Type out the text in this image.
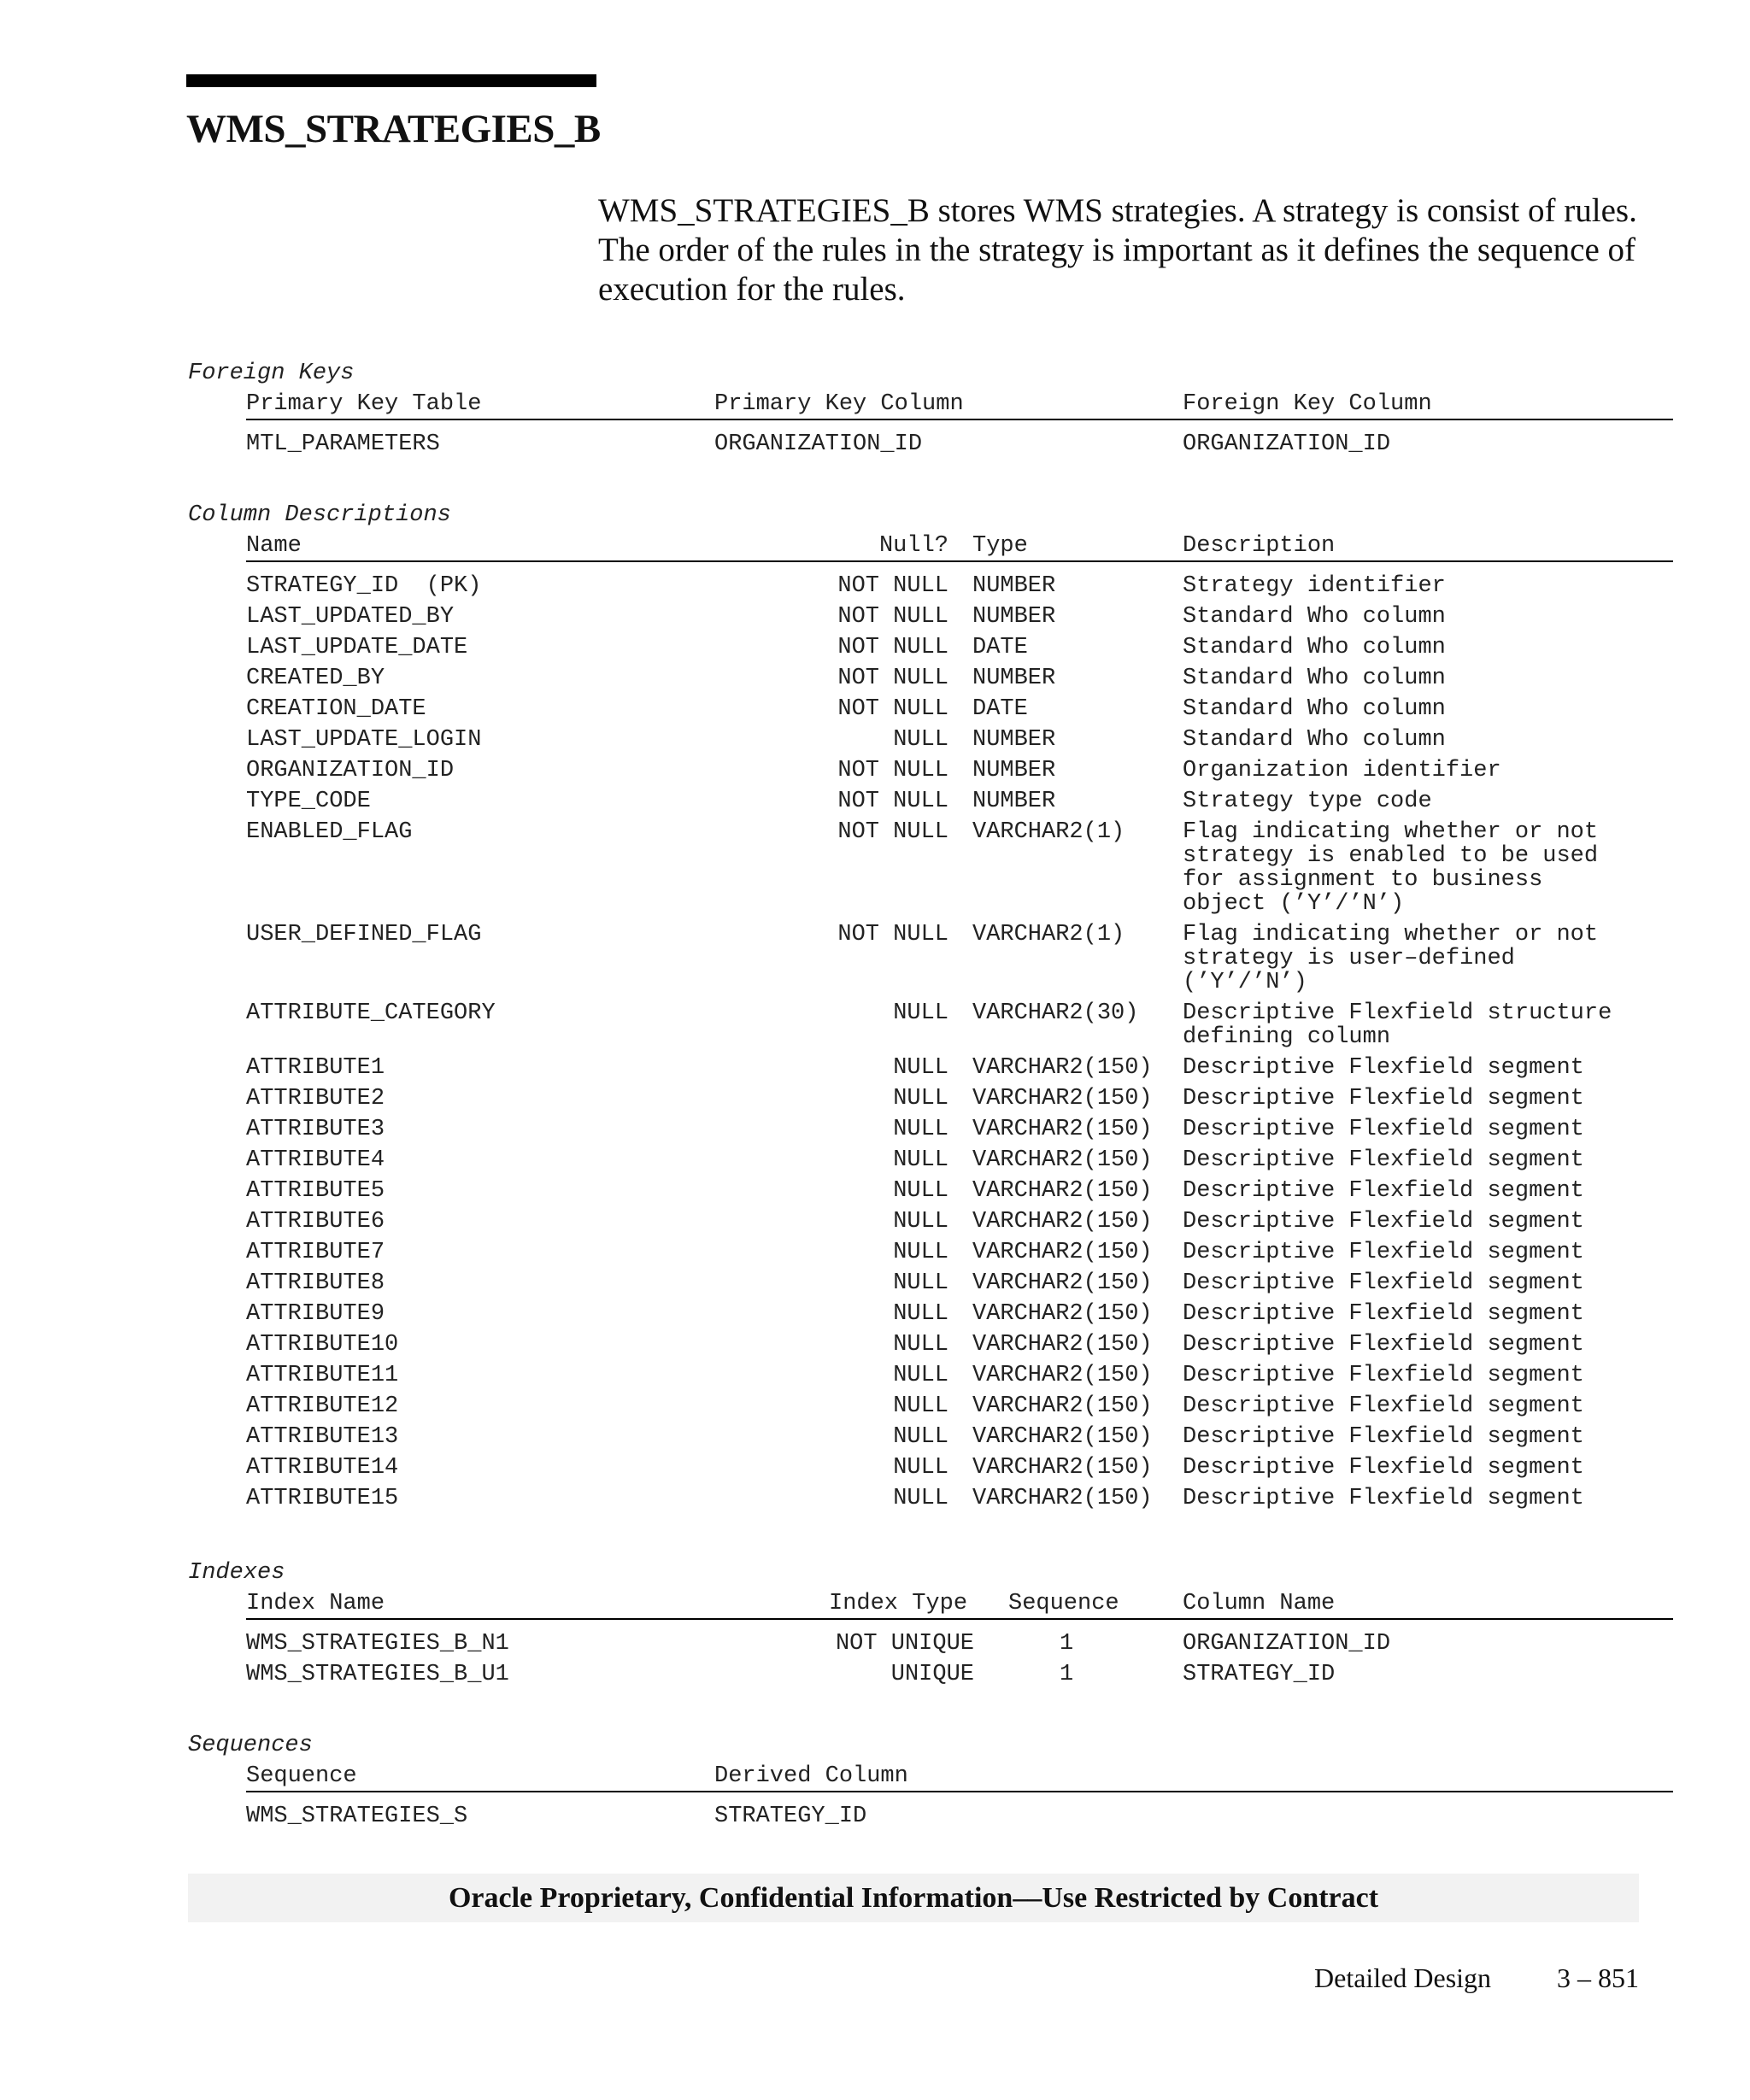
WMS_STRATEGIES_B

WMS_STRATEGIES_B stores WMS strategies. A strategy is consist of rules. The order of the rules in the strategy is important as it defines the sequence of execution for the rules.

Foreign Keys
Primary Key Table	Primary Key Column	Foreign Key Column
MTL_PARAMETERS	ORGANIZATION_ID	ORGANIZATION_ID
Column Descriptions
Name	Null? Type	Description
STRATEGY_ID  (PK)	NOT NULL NUMBER	Strategy identifier
LAST_UPDATED_BY	NOT NULL NUMBER	Standard Who column
LAST_UPDATE_DATE	NOT NULL DATE	Standard Who column
CREATED_BY	NOT NULL NUMBER	Standard Who column
CREATION_DATE	NOT NULL DATE	Standard Who column
LAST_UPDATE_LOGIN	NULL NUMBER	Standard Who column
ORGANIZATION_ID	NOT NULL NUMBER	Organization identifier
TYPE_CODE	NOT NULL NUMBER	Strategy type code
ENABLED_FLAG	NOT NULL VARCHAR2(1)	Flag indicating whether or not
strategy is enabled to be used
for assignment to business
object (’Y’/’N’)
USER_DEFINED_FLAG	NOT NULL VARCHAR2(1)	Flag indicating whether or not
strategy is user–defined
(’Y’/’N’)
ATTRIBUTE_CATEGORY	NULL VARCHAR2(30) Descriptive Flexfield structure
defining column
ATTRIBUTE1	NULL VARCHAR2(150) Descriptive Flexfield segment
ATTRIBUTE2	NULL VARCHAR2(150) Descriptive Flexfield segment
ATTRIBUTE3	NULL VARCHAR2(150) Descriptive Flexfield segment
ATTRIBUTE4	NULL VARCHAR2(150) Descriptive Flexfield segment
ATTRIBUTE5	NULL VARCHAR2(150) Descriptive Flexfield segment
ATTRIBUTE6	NULL VARCHAR2(150) Descriptive Flexfield segment
ATTRIBUTE7	NULL VARCHAR2(150) Descriptive Flexfield segment
ATTRIBUTE8	NULL VARCHAR2(150) Descriptive Flexfield segment
ATTRIBUTE9	NULL VARCHAR2(150) Descriptive Flexfield segment
ATTRIBUTE10	NULL VARCHAR2(150) Descriptive Flexfield segment
ATTRIBUTE11	NULL VARCHAR2(150) Descriptive Flexfield segment
ATTRIBUTE12	NULL VARCHAR2(150) Descriptive Flexfield segment
ATTRIBUTE13	NULL VARCHAR2(150) Descriptive Flexfield segment
ATTRIBUTE14	NULL VARCHAR2(150) Descriptive Flexfield segment
ATTRIBUTE15	NULL VARCHAR2(150) Descriptive Flexfield segment
Indexes
Index Name	Index Type Sequence	Column Name
WMS_STRATEGIES_B_N1	NOT UNIQUE	1	ORGANIZATION_ID
WMS_STRATEGIES_B_U1	UNIQUE	1	STRATEGY_ID
Sequences
Sequence	Derived Column
WMS_STRATEGIES_S	STRATEGY_ID
Oracle Proprietary, Confidential Information––Use Restricted by Contract
Detailed Design 3 – 851
